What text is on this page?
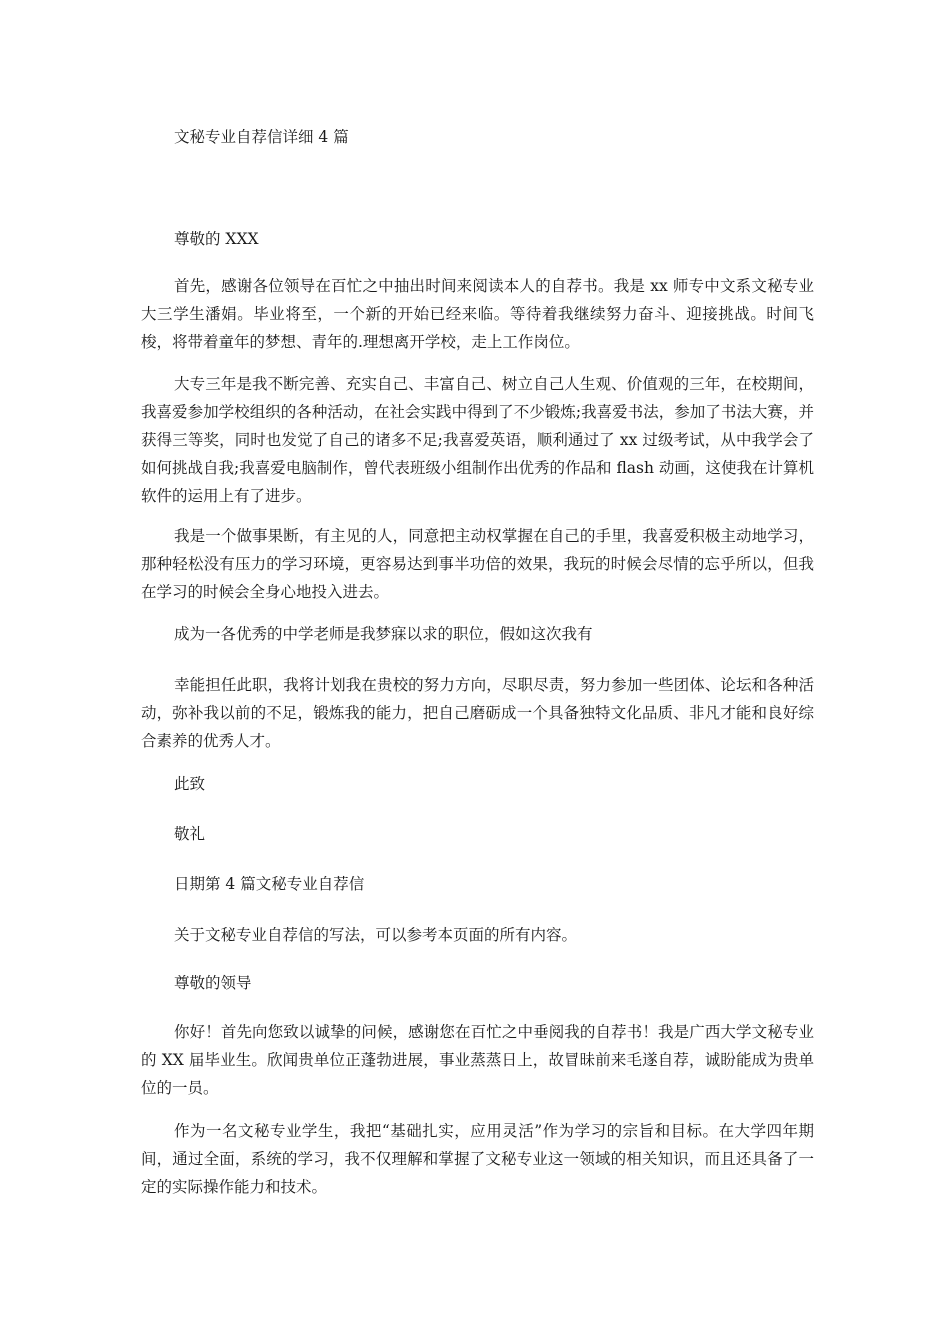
文秘专业自荐信详细 4 篇

尊敬的 XXX

首先，感谢各位领导在百忙之中抽出时间来阅读本人的自荐书。我是 xx 师专中文系文秘专业大三学生潘娟。毕业将至，一个新的开始已经来临。等待着我继续努力奋斗、迎接挑战。时间飞梭，将带着童年的梦想、青年的.理想离开学校，走上工作岗位。

大专三年是我不断完善、充实自己、丰富自己、树立自己人生观、价值观的三年，在校期间，我喜爱参加学校组织的各种活动，在社会实践中得到了不少锻炼;我喜爱书法，参加了书法大赛，并获得三等奖，同时也发觉了自己的诸多不足;我喜爱英语，顺利通过了 xx 过级考试，从中我学会了如何挑战自我;我喜爱电脑制作，曾代表班级小组制作出优秀的作品和 flash 动画，这使我在计算机软件的运用上有了进步。

我是一个做事果断，有主见的人，同意把主动权掌握在自己的手里，我喜爱积极主动地学习，那种轻松没有压力的学习环境，更容易达到事半功倍的效果，我玩的时候会尽情的忘乎所以，但我在学习的时候会全身心地投入进去。

成为一各优秀的中学老师是我梦寐以求的职位，假如这次我有

幸能担任此职，我将计划我在贵校的努力方向，尽职尽责，努力参加一些团体、论坛和各种活动，弥补我以前的不足，锻炼我的能力，把自己磨砺成一个具备独特文化品质、非凡才能和良好综合素养的优秀人才。

此致

敬礼

日期第 4 篇文秘专业自荐信

关于文秘专业自荐信的写法，可以参考本页面的所有内容。

尊敬的领导

你好！首先向您致以诚挚的问候，感谢您在百忙之中垂阅我的自荐书！我是广西大学文秘专业的 XX 届毕业生。欣闻贵单位正蓬勃进展，事业蒸蒸日上，故冒昧前来毛遂自荐，诚盼能成为贵单位的一员。

作为一名文秘专业学生，我把“基础扎实，应用灵活”作为学习的宗旨和目标。在大学四年期间，通过全面，系统的学习，我不仅理解和掌握了文秘专业这一领域的相关知识，而且还具备了一定的实际操作能力和技术。
